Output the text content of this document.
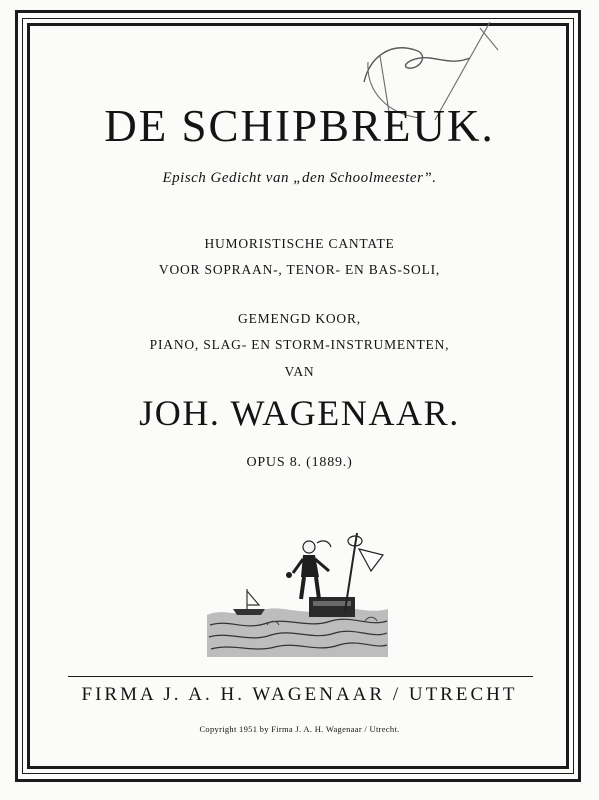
DE SCHIPBREUK.
Episch Gedicht van „den Schoolmeester”.
HUMORISTISCHE CANTATE
VOOR SOPRAAN-, TENOR- EN BAS-SOLI,
GEMENGD KOOR,
PIANO, SLAG- EN STORM-INSTRUMENTEN,
VAN
JOH. WAGENAAR.
OPUS 8. (1889.)
FIRMA J. A. H. WAGENAAR / UTRECHT
Copyright 1951 by Firma J. A. H. Wagenaar / Utrecht.
